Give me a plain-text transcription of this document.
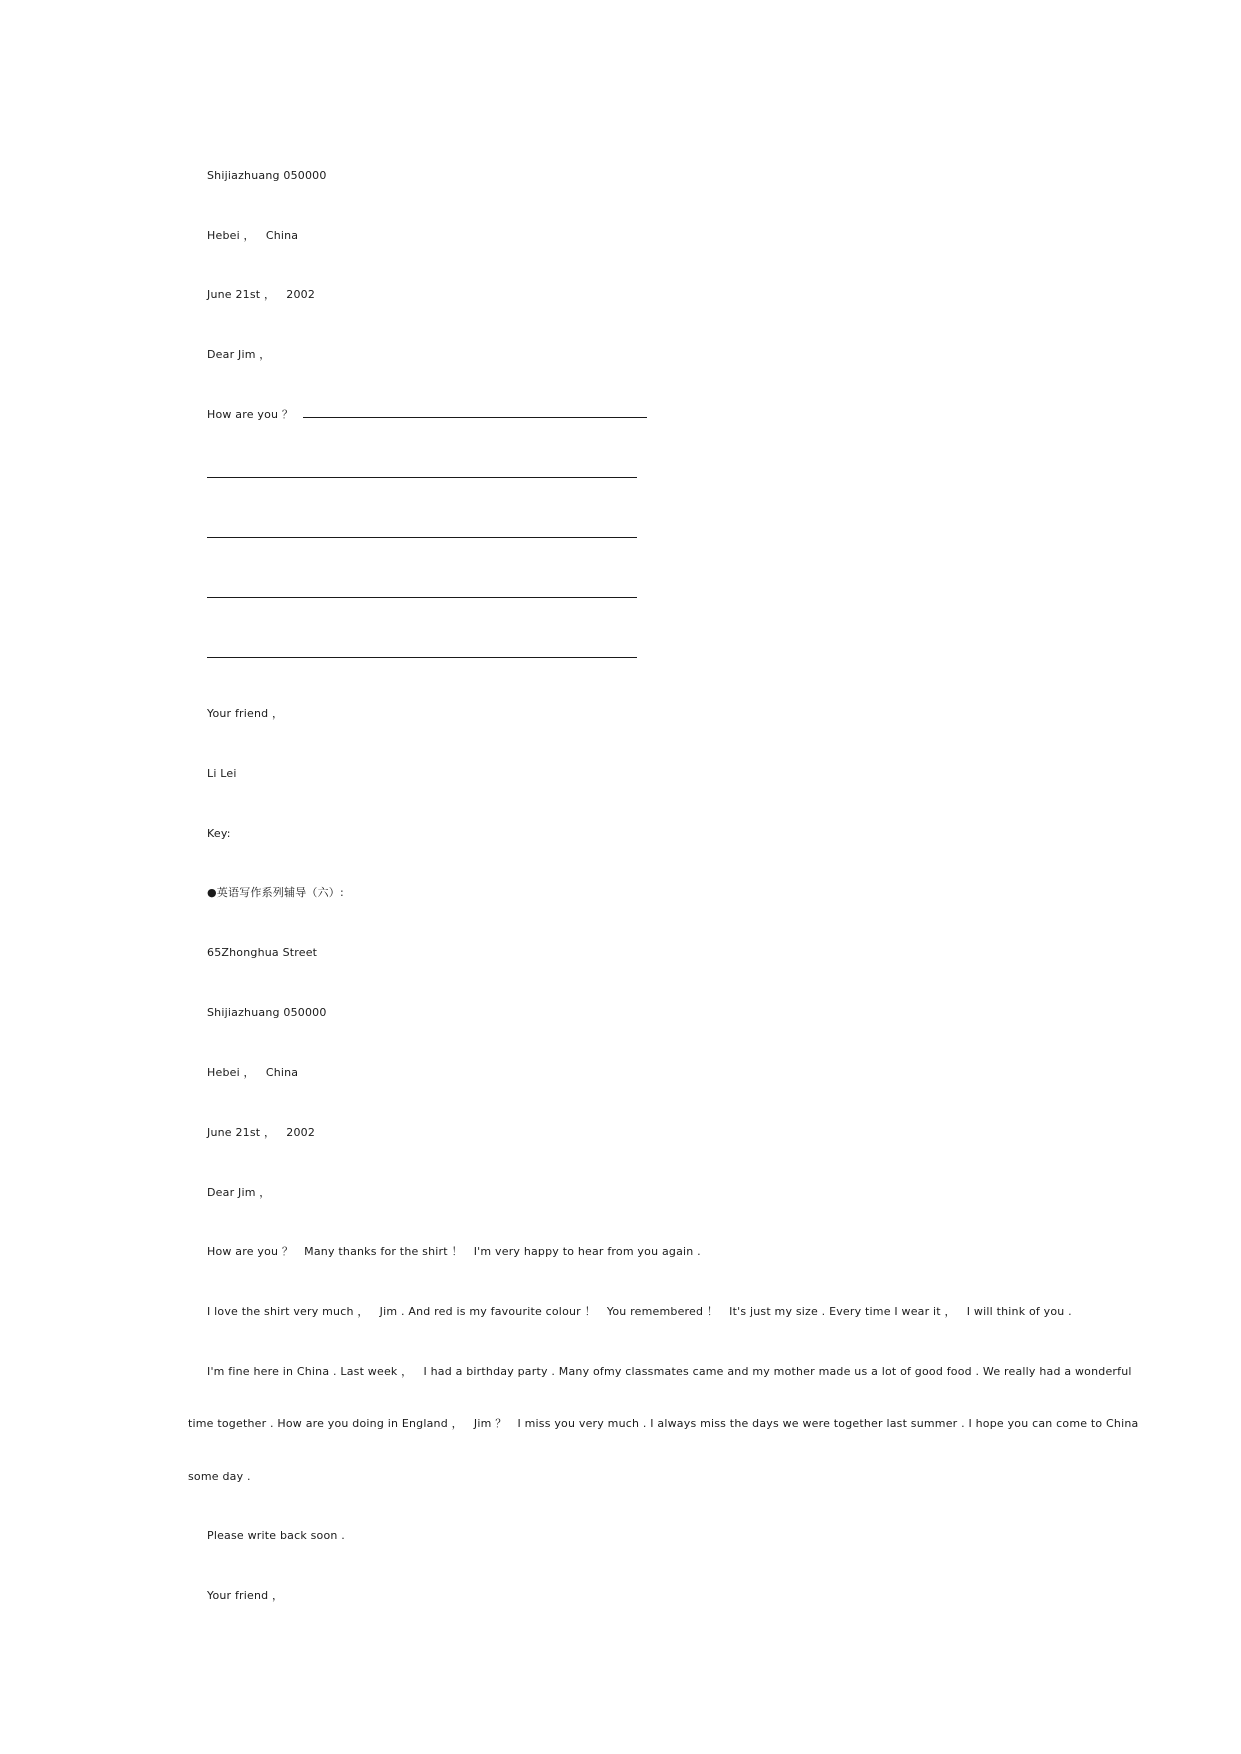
Shijiazhuang 050000
Hebei ，   China
June 21st ，   2002
Dear Jim ，
How are you ？
Your friend ，
Li Lei
Key:
●英语写作系列辅导（六）:
65Zhonghua Street
Shijiazhuang 050000
Hebei ，   China
June 21st ，   2002
Dear Jim ，
How are you ？   Many thanks for the shirt ！   I'm very happy to hear from you again .
I love the shirt very much ，   Jim . And red is my favourite colour ！   You remembered ！   It's just my size . Every time I wear it ，   I will think of you .
I'm fine here in China . Last week ，   I had a birthday party . Many ofmy classmates came and my mother made us a lot of good food . We really had a wonderful
time together . How are you doing in England ，   Jim ？   I miss you very much . I always miss the days we were together last summer . I hope you can come to China
some day .
Please write back soon .
Your friend ，
